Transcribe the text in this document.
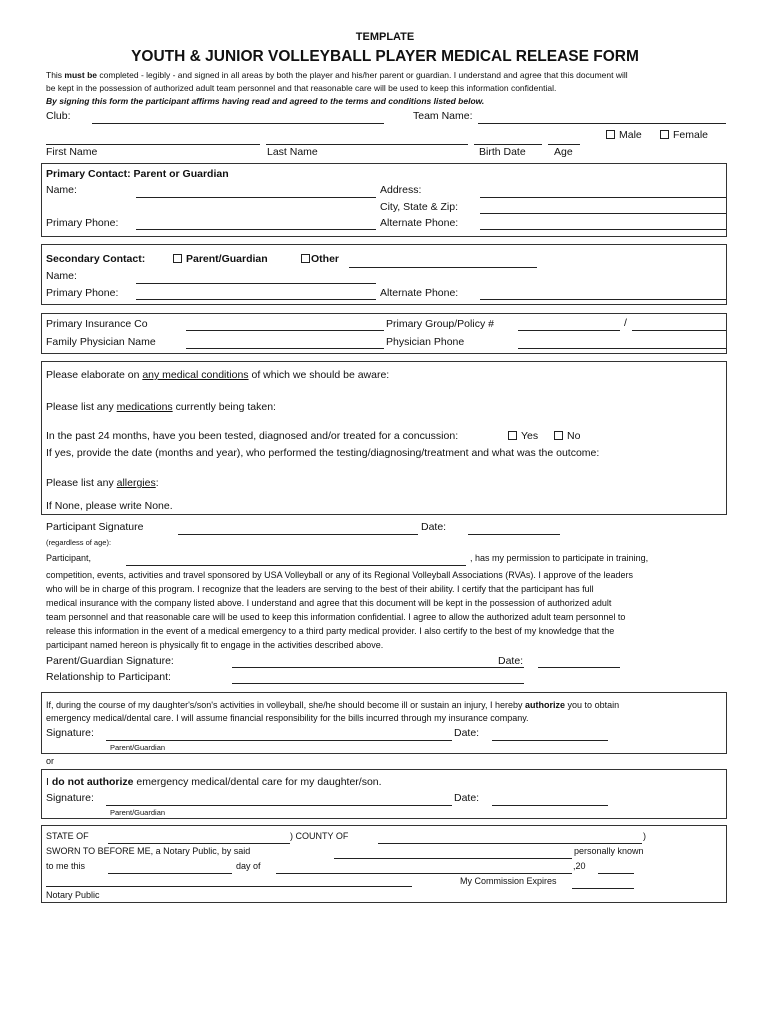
TEMPLATE
YOUTH & JUNIOR VOLLEYBALL PLAYER MEDICAL RELEASE FORM
This must be completed - legibly - and signed in all areas by both the player and his/her parent or guardian. I understand and agree that this document will
be kept in the possession of authorized adult team personnel and that reasonable care will be used to keep this information confidential.
By signing this form the participant affirms having read and agreed to the terms and conditions listed below.
Club:	Team Name:
Male	Female
First Name	Last Name	Birth Date	Age
Primary Contact: Parent or Guardian
Name:	Address:
City, State & Zip:
Primary Phone:	Alternate Phone:
Secondary Contact:	Parent/Guardian	Other
Name:
Primary Phone:	Alternate Phone:
Primary Insurance Co	Primary Group/Policy #	/
Family Physician Name	Physician Phone
Please elaborate on any medical conditions of which we should be aware:
Please list any medications currently being taken:
In the past 24 months, have you been tested, diagnosed and/or treated for a concussion:	Yes	No
If yes, provide the date (months and year), who performed the testing/diagnosing/treatment and what was the outcome:
Please list any allergies:
If None, please write None.
Participant Signature	Date:
(regardless of age):
Participant,	, has my permission to participate in training,
competition, events, activities and travel sponsored by USA Volleyball or any of its Regional Volleyball Associations (RVAs). I approve of the leaders
who will be in charge of this program. I recognize that the leaders are serving to the best of their ability. I certify that the participant has full
medical insurance with the company listed above. I understand and agree that this document will be kept in the possession of authorized adult
team personnel and that reasonable care will be used to keep this information confidential. I agree to allow the authorized adult team personnel to
release this information in the event of a medical emergency to a third party medical provider. I also certify to the best of my knowledge that the
participant named hereon is physically fit to engage in the activities described above.
Parent/Guardian Signature:	Date:
Relationship to Participant:
If, during the course of my daughter's/son's activities in volleyball, she/he should become ill or sustain an injury, I hereby authorize you to obtain
emergency medical/dental care. I will assume financial responsibility for the bills incurred through my insurance company.
Signature:	Date:
Parent/Guardian
or
I do not authorize emergency medical/dental care for my daughter/son.
Signature:	Date:
Parent/Guardian
STATE OF	) COUNTY OF	)
SWORN TO BEFORE ME, a Notary Public, by said	personally known
to me this	day of	,20
My Commission Expires
Notary Public
